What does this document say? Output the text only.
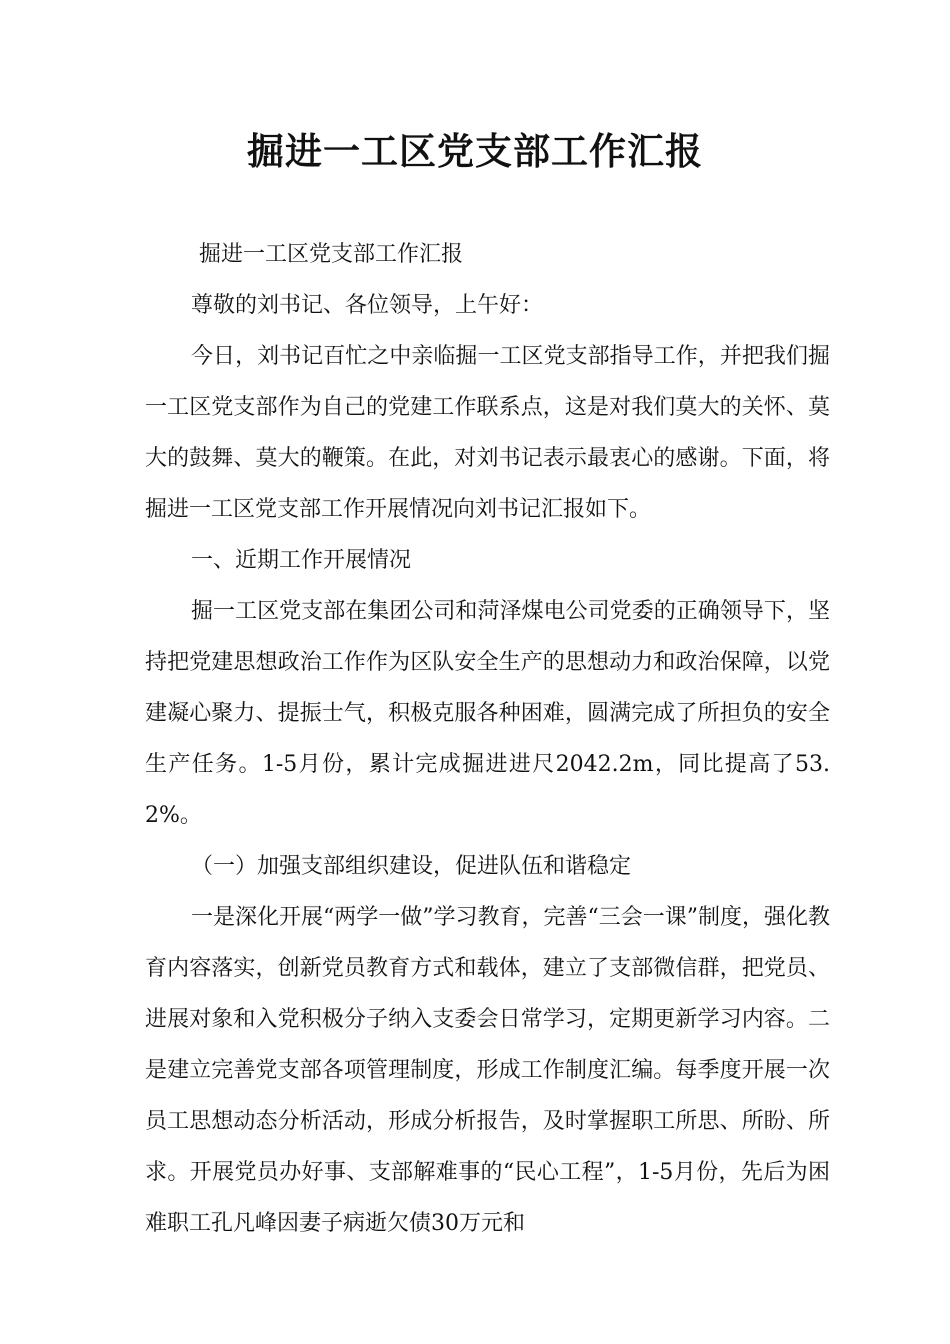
掘进一工区党支部工作汇报

掘进一工区党支部工作汇报

尊敬的刘书记、各位领导，上午好：

今日，刘书记百忙之中亲临掘一工区党支部指导工作，并把我们掘一工区党支部作为自己的党建工作联系点，这是对我们莫大的关怀、莫大的鼓舞、莫大的鞭策。在此，对刘书记表示最衷心的感谢。下面，将掘进一工区党支部工作开展情况向刘书记汇报如下。

一、近期工作开展情况

掘一工区党支部在集团公司和菏泽煤电公司党委的正确领导下，坚持把党建思想政治工作作为区队安全生产的思想动力和政治保障，以党建凝心聚力、提振士气，积极克服各种困难，圆满完成了所担负的安全生产任务。1-5月份，累计完成掘进进尺2042.2m，同比提高了53.2%。

（一）加强支部组织建设，促进队伍和谐稳定

一是深化开展“两学一做”学习教育，完善“三会一课”制度，强化教育内容落实，创新党员教育方式和载体，建立了支部微信群，把党员、进展对象和入党积极分子纳入支委会日常学习，定期更新学习内容。二是建立完善党支部各项管理制度，形成工作制度汇编。每季度开展一次员工思想动态分析活动，形成分析报告，及时掌握职工所思、所盼、所求。开展党员办好事、支部解难事的“民心工程”，1-5月份，先后为困难职工孔凡峰因妻子病逝欠债30万元和
